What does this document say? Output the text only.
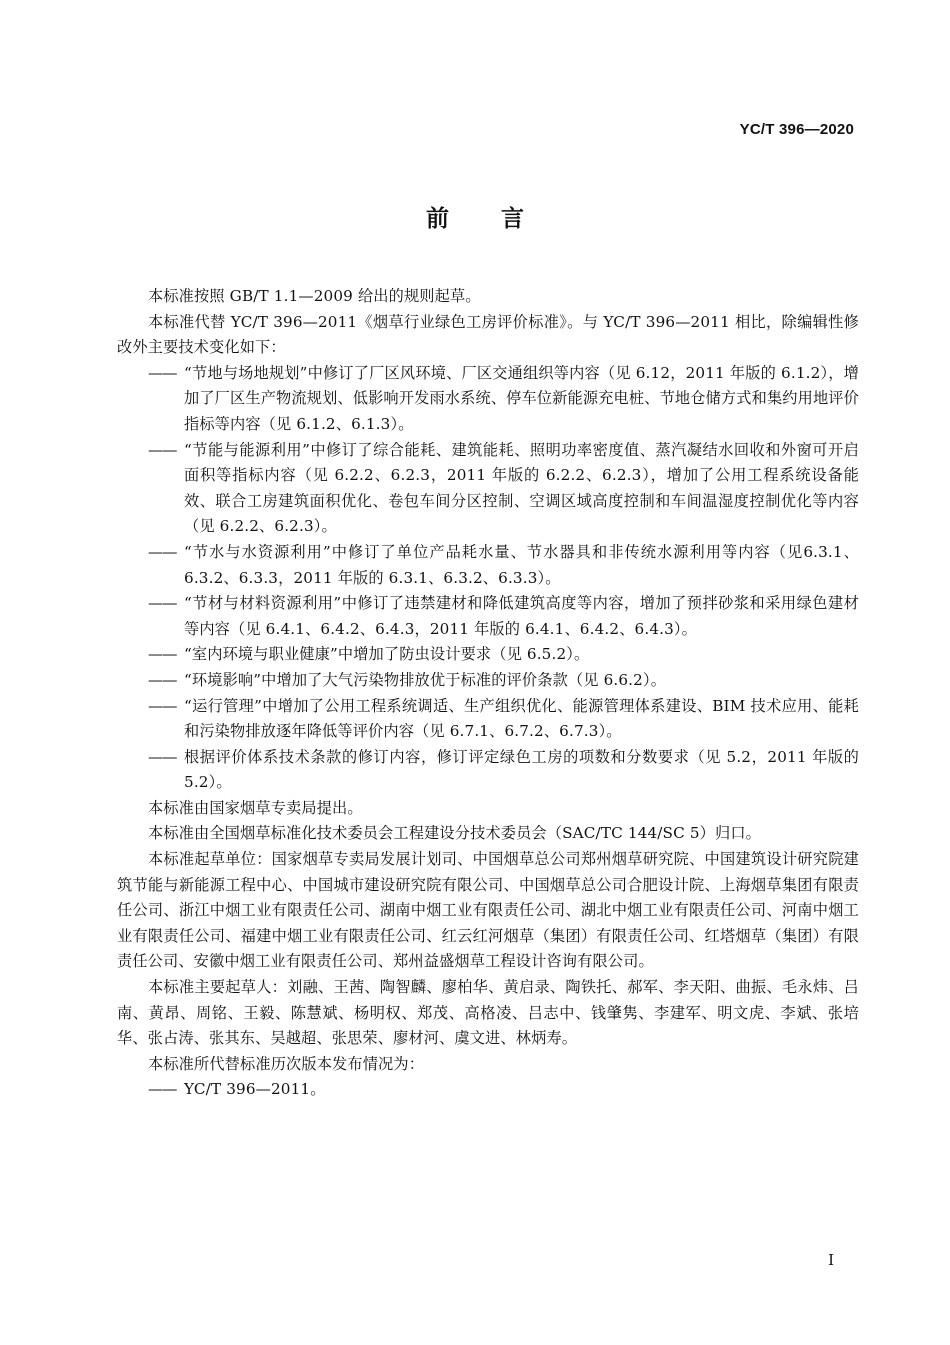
YC/T 396—2020
前言

本标准按照 GB/T 1.1—2009 给出的规则起草。

本标准代替 YC/T 396—2011《烟草行业绿色工房评价标准》。与 YC/T 396—2011 相比，除编辑性修改外主要技术变化如下：

—— “节地与场地规划”中修订了厂区风环境、厂区交通组织等内容（见 6.12，2011 年版的 6.1.2），增加了厂区生产物流规划、低影响开发雨水系统、停车位新能源充电桩、节地仓储方式和集约用地评价指标等内容（见 6.1.2、6.1.3）。
—— “节能与能源利用”中修订了综合能耗、建筑能耗、照明功率密度值、蒸汽凝结水回收和外窗可开启面积等指标内容（见 6.2.2、6.2.3，2011 年版的 6.2.2、6.2.3），增加了公用工程系统设备能效、联合工房建筑面积优化、卷包车间分区控制、空调区域高度控制和车间温湿度控制优化等内容（见 6.2.2、6.2.3）。
—— “节水与水资源利用”中修订了单位产品耗水量、节水器具和非传统水源利用等内容（见6.3.1、6.3.2、6.3.3，2011 年版的 6.3.1、6.3.2、6.3.3）。
—— “节材与材料资源利用”中修订了违禁建材和降低建筑高度等内容，增加了预拌砂浆和采用绿色建材等内容（见 6.4.1、6.4.2、6.4.3，2011 年版的 6.4.1、6.4.2、6.4.3）。
—— “室内环境与职业健康”中增加了防虫设计要求（见 6.5.2）。
—— “环境影响”中增加了大气污染物排放优于标准的评价条款（见 6.6.2）。
—— “运行管理”中增加了公用工程系统调适、生产组织优化、能源管理体系建设、BIM 技术应用、能耗和污染物排放逐年降低等评价内容（见 6.7.1、6.7.2、6.7.3）。
—— 根据评价体系技术条款的修订内容，修订评定绿色工房的项数和分数要求（见 5.2，2011 年版的 5.2）。

本标准由国家烟草专卖局提出。

本标准由全国烟草标准化技术委员会工程建设分技术委员会（SAC/TC 144/SC 5）归口。

本标准起草单位：国家烟草专卖局发展计划司、中国烟草总公司郑州烟草研究院、中国建筑设计研究院建筑节能与新能源工程中心、中国城市建设研究院有限公司、中国烟草总公司合肥设计院、上海烟草集团有限责任公司、浙江中烟工业有限责任公司、湖南中烟工业有限责任公司、湖北中烟工业有限责任公司、河南中烟工业有限责任公司、福建中烟工业有限责任公司、红云红河烟草（集团）有限责任公司、红塔烟草（集团）有限责任公司、安徽中烟工业有限责任公司、郑州益盛烟草工程设计咨询有限公司。

本标准主要起草人：刘融、王茜、陶智麟、廖柏华、黄启录、陶铁托、郝军、李天阳、曲振、毛永炜、吕南、黄昂、周铭、王毅、陈慧斌、杨明权、郑茂、高格凌、吕志中、钱肇隽、李建军、明文虎、李斌、张培华、张占涛、张其东、吴越超、张思荣、廖材河、虞文进、林炳寿。

本标准所代替标准历次版本发布情况为：

—— YC/T 396—2011。
I
